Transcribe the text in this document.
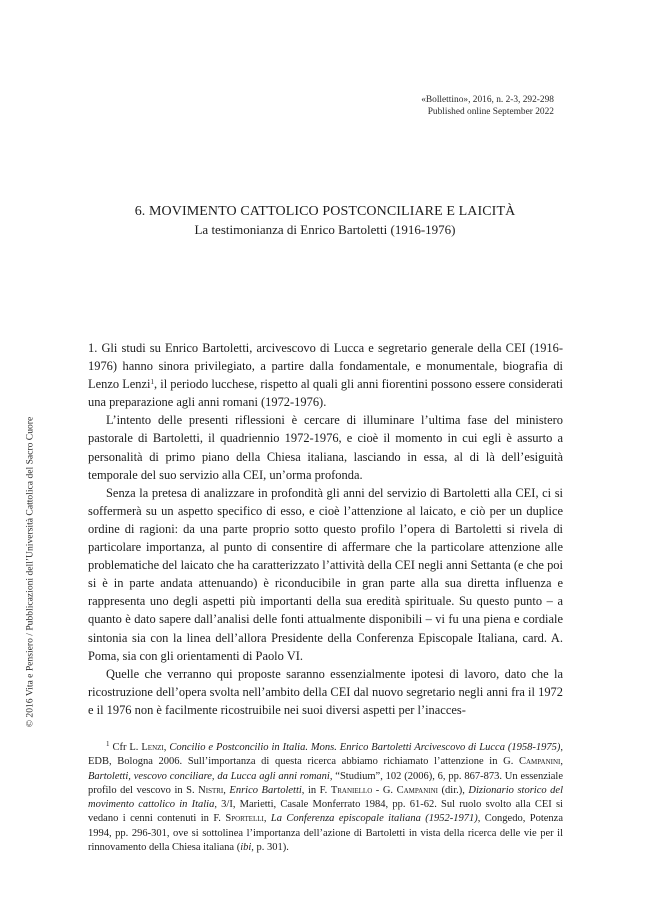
«Bollettino», 2016, n. 2-3, 292-298
Published online September 2022
6. MOVIMENTO CATTOLICO POSTCONCILIARE E LAICITÀ
La testimonianza di Enrico Bartoletti (1916-1976)

1. Gli studi su Enrico Bartoletti, arcivescovo di Lucca e segretario generale della CEI (1916-1976) hanno sinora privilegiato, a partire dalla fondamentale, e monumentale, biografia di Lenzo Lenzi$^1$, il periodo lucchese, rispetto al quali gli anni fiorentini possono essere considerati una preparazione agli anni romani (1972-1976).

L’intento delle presenti riflessioni è cercare di illuminare l’ultima fase del ministero pastorale di Bartoletti, il quadriennio 1972-1976, e cioè il momento in cui egli è assurto a personalità di primo piano della Chiesa italiana, lasciando in essa, al di là dell’esiguità temporale del suo servizio alla CEI, un’orma profonda.

Senza la pretesa di analizzare in profondità gli anni del servizio di Bartoletti alla CEI, ci si soffermerà su un aspetto specifico di esso, e cioè l’attenzione al laicato, e ciò per un duplice ordine di ragioni: da una parte proprio sotto questo profilo l’opera di Bartoletti si rivela di particolare importanza, al punto di consentire di affermare che la particolare attenzione alle problematiche del laicato che ha caratterizzato l’attività della CEI negli anni Settanta (e che poi si è in parte andata attenuando) è riconducibile in gran parte alla sua diretta influenza e rappresenta uno degli aspetti più importanti della sua eredità spirituale. Su questo punto – a quanto è dato sapere dall’analisi delle fonti attualmente disponibili – vi fu una piena e cordiale sintonia sia con la linea dell’allora Presidente della Conferenza Episcopale Italiana, card. A. Poma, sia con gli orientamenti di Paolo VI.

Quelle che verranno qui proposte saranno essenzialmente ipotesi di lavoro, dato che la ricostruzione dell’opera svolta nell’ambito della CEI dal nuovo segretario negli anni fra il 1972 e il 1976 non è facilmente ricostruibile nei suoi diversi aspetti per l’inacces-

$^1$ Cfr L. Lenzi, Concilio e Postconcilio in Italia. Mons. Enrico Bartoletti Arcivescovo di Lucca (1958-1975), EDB, Bologna 2006. Sull’importanza di questa ricerca abbiamo richiamato l’attenzione in G. Campanini, Bartoletti, vescovo conciliare, da Lucca agli anni romani, “Studium”, 102 (2006), 6, pp. 867-873. Un essenziale profilo del vescovo in S. Nistri, Enrico Bartoletti, in F. Traniello - G. Campanini (dir.), Dizionario storico del movimento cattolico in Italia, 3/I, Marietti, Casale Monferrato 1984, pp. 61-62. Sul ruolo svolto alla CEI si vedano i cenni contenuti in F. Sportelli, La Conferenza episcopale italiana (1952-1971), Congedo, Potenza 1994, pp. 296-301, ove si sottolinea l’importanza dell’azione di Bartoletti in vista della ricerca delle vie per il rinnovamento della Chiesa italiana (ibi, p. 301).

© 2016 Vita e Pensiero / Pubblicazioni dell’Università Cattolica del Sacro Cuore
